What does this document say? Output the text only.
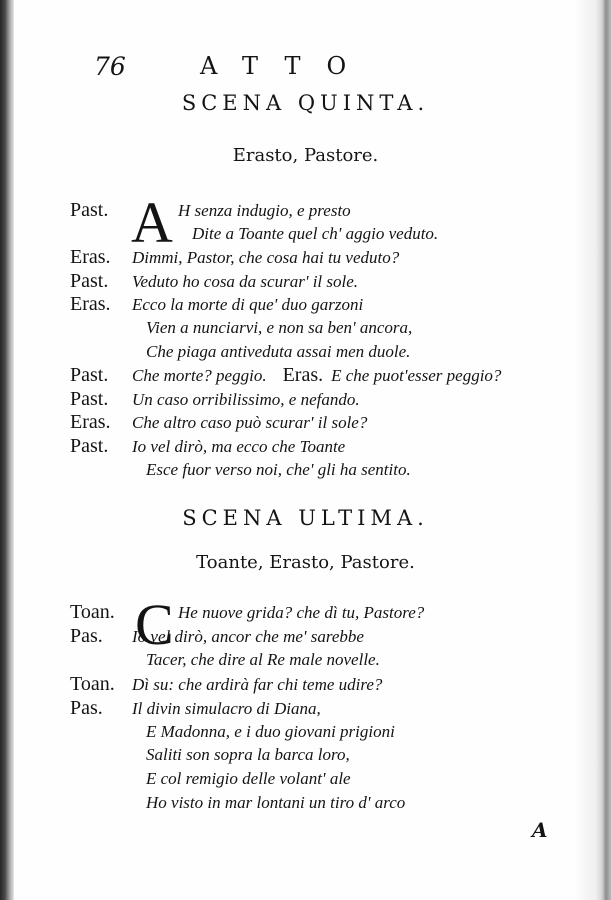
76	ATTO
SCENA QUINTA.
Erasto, Pastore.
A
Past.	H senza indugio, e presto
Dite a Toante quel ch' aggio veduto.
Eras. Dimmi, Pastor, che cosa hai tu veduto?
Past. Veduto ho cosa da scurar' il sole.
Eras. Ecco la morte di que' duo garzoni
Vien a nunciarvi, e non sa ben' ancora,
Che piaga antiveduta assai men duole.
Past. Che morte? peggio. Eras. E che puot'esser peggio?
Past. Un caso orribilissimo, e nefando.
Eras. Che altro caso può scurar' il sole?
Past. Io vel dirò, ma ecco che Toante
Esce fuor verso noi, che' gli ha sentito.
SCENA ULTIMA.
Toante, Erasto, Pastore.
C
Toan.	He nuove grida? che dì tu, Pastore?
Pas. Io vel dirò, ancor che me' sarebbe
Tacer, che dire al Re male novelle.
Toan. Dì su: che ardirà far chi teme udire?
Pas. Il divin simulacro di Diana,
E Madonna, e i duo giovani prigioni
Saliti son sopra la barca loro,
E col remigio delle volant' ale
Ho visto in mar lontani un tiro d' arco
A
